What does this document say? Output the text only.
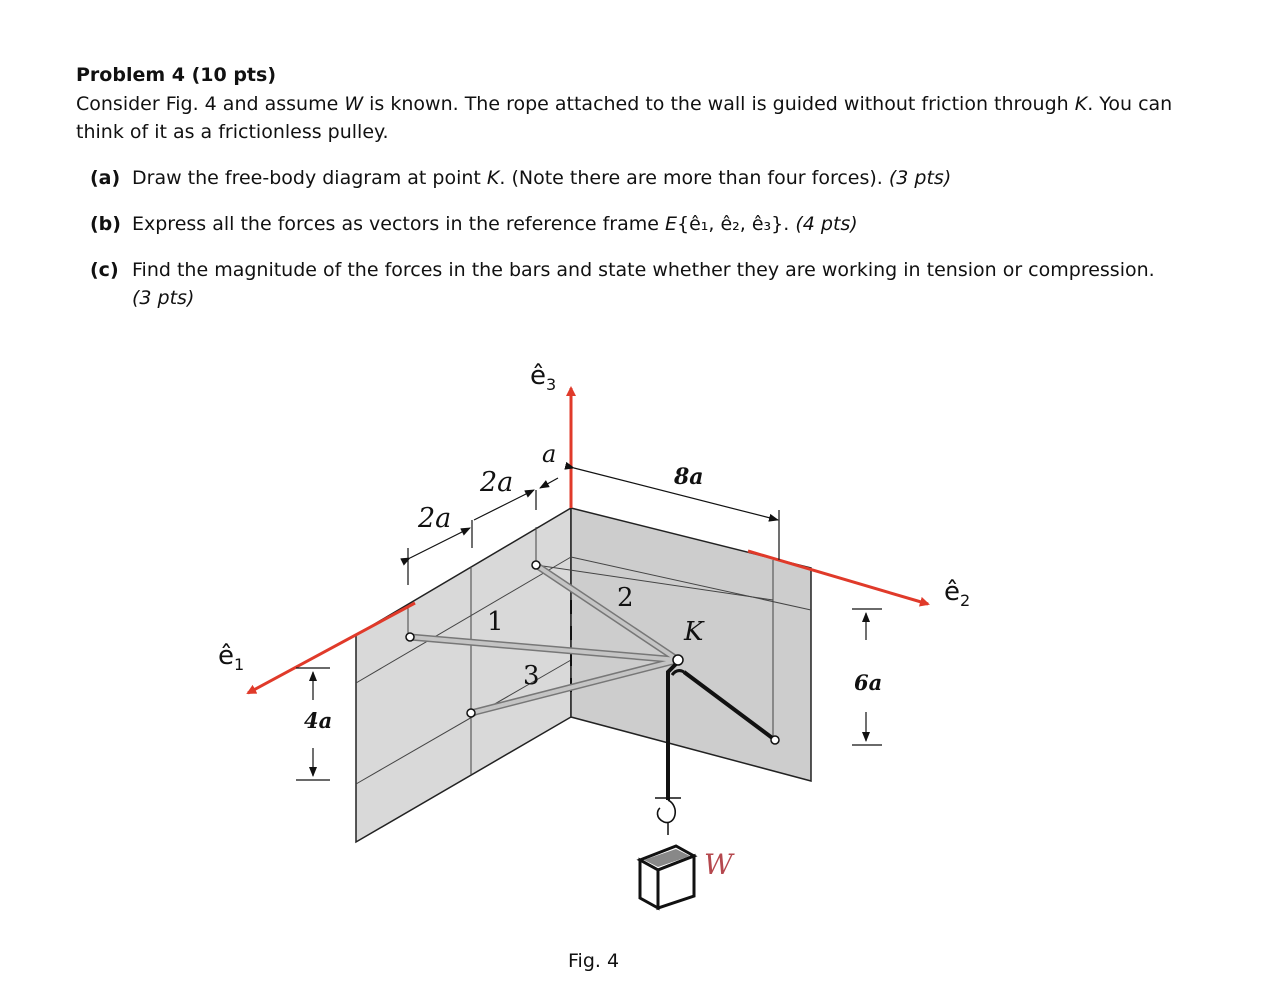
Problem 4 (10 pts)

Consider Fig. 4 and assume W is known. The rope attached to the wall is guided without friction through K. You can think of it as a frictionless pulley.

(a) Draw the free-body diagram at point K. (Note there are more than four forces). (3 pts)
(b) Express all the forces as vectors in the reference frame E{ê₁, ê₂, ê₃}. (4 pts)
(c) Find the magnitude of the forces in the bars and state whether they are working in tension or compression.
(3 pts)
2a
2a
a
8a
4a
6a
K
W
1
2
3
$ê_1$
$ê_2$
$ê_3$
Fig. 4
